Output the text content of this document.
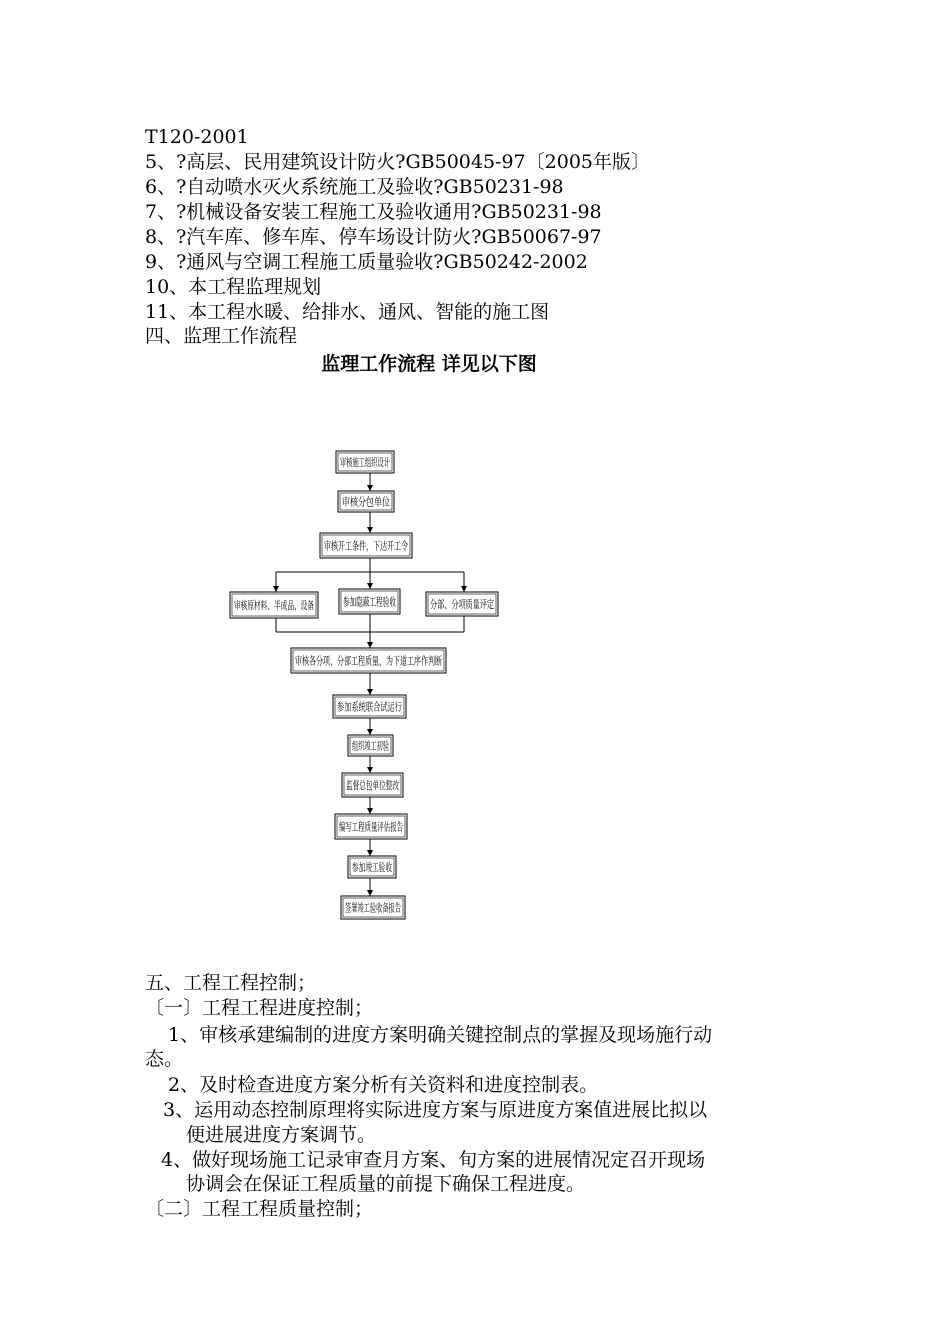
T120-2001
5、?高层、民用建筑设计防火?GB50045-97〔2005年版〕
6、?自动喷水灭火系统施工及验收?GB50231-98
7、?机械设备安装工程施工及验收通用?GB50231-98
8、?汽车库、修车库、停车场设计防火?GB50067-97
9、?通风与空调工程施工质量验收?GB50242-2002
10、本工程监理规划
11、本工程水暖、给排水、通风、智能的施工图
四、监理工作流程
监理工作流程 详见以下图
审核施工组织设计
审核分包单位
审核开工条件，下达开工令
审核原材料、半成品、设备
参加隐蔽工程验收 分部、分项质量评定
审核各分项、分部工程质量，为下道工序作判断
参加系统联合试运行
组织竣工初验
监督总包单位整改
编写工程质量评估报告
参加竣工验收
签署竣工验收备报告
五、工程工程控制；
〔一〕工程工程进度控制；
1、审核承建编制的进度方案明确关键控制点的掌握及现场施行动
态。
2、及时检查进度方案分析有关资料和进度控制表。
3、运用动态控制原理将实际进度方案与原进度方案值进展比拟以
便进展进度方案调节。
4、做好现场施工记录审查月方案、旬方案的进展情况定召开现场
协调会在保证工程质量的前提下确保工程进度。
〔二〕工程工程质量控制；
